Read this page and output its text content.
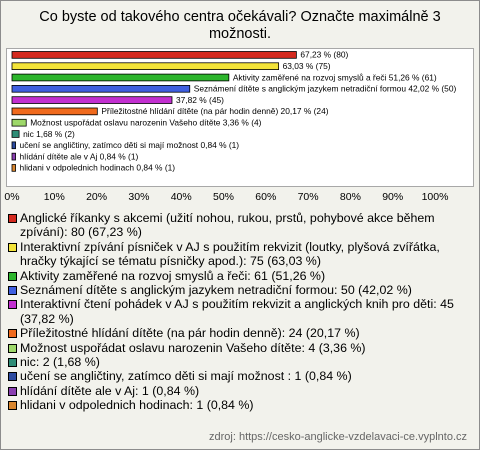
Co byste od takového centra očekávali? Označte maximálně 3 možnosti.
67,23 % (80)
63,03 % (75)
Aktivity zaměřené na rozvoj smyslů a řeči 51,26 % (61)
Seznámení dítěte s anglickým jazykem netradiční formou 42,02 % (50)
37,82 % (45)
Příležitostné hlídání dítěte (na pár hodin denně) 20,17 % (24)
Možnost uspořádat oslavu narozenin Vašeho dítěte 3,36 % (4)
nic 1,68 % (2)
učení se angličtiny, zatímco děti si mají možnost 0,84 % (1)
hlídání dítěte ale v Aj 0,84 % (1)
hlidani v odpolednich hodinach 0,84 % (1)
0% 10% 20% 30% 40% 50% 60% 70% 80% 90% 100%
Anglické říkanky s akcemi (užití nohou, rukou, prstů, pohybové akce během zpívání): 80 (67,23 %)
Interaktivní zpívání písniček v AJ s použitím rekvizit (loutky, plyšová zvířátka, hračky týkající se tématu písničky apod.): 75 (63,03 %)
Aktivity zaměřené na rozvoj smyslů a řeči: 61 (51,26 %)
Seznámení dítěte s anglickým jazykem netradiční formou: 50 (42,02 %)
Interaktivní čtení pohádek v AJ s použitím rekvizit a anglických knih pro děti: 45 (37,82 %)
Příležitostné hlídání dítěte (na pár hodin denně): 24 (20,17 %)
Možnost uspořádat oslavu narozenin Vašeho dítěte: 4 (3,36 %)
nic: 2 (1,68 %)
učení se angličtiny, zatímco děti si mají možnost : 1 (0,84 %)
hlídání dítěte ale v Aj: 1 (0,84 %)
hlidani v odpolednich hodinach: 1 (0,84 %)
zdroj: https://cesko-anglicke-vzdelavaci-ce.vyplnto.cz
